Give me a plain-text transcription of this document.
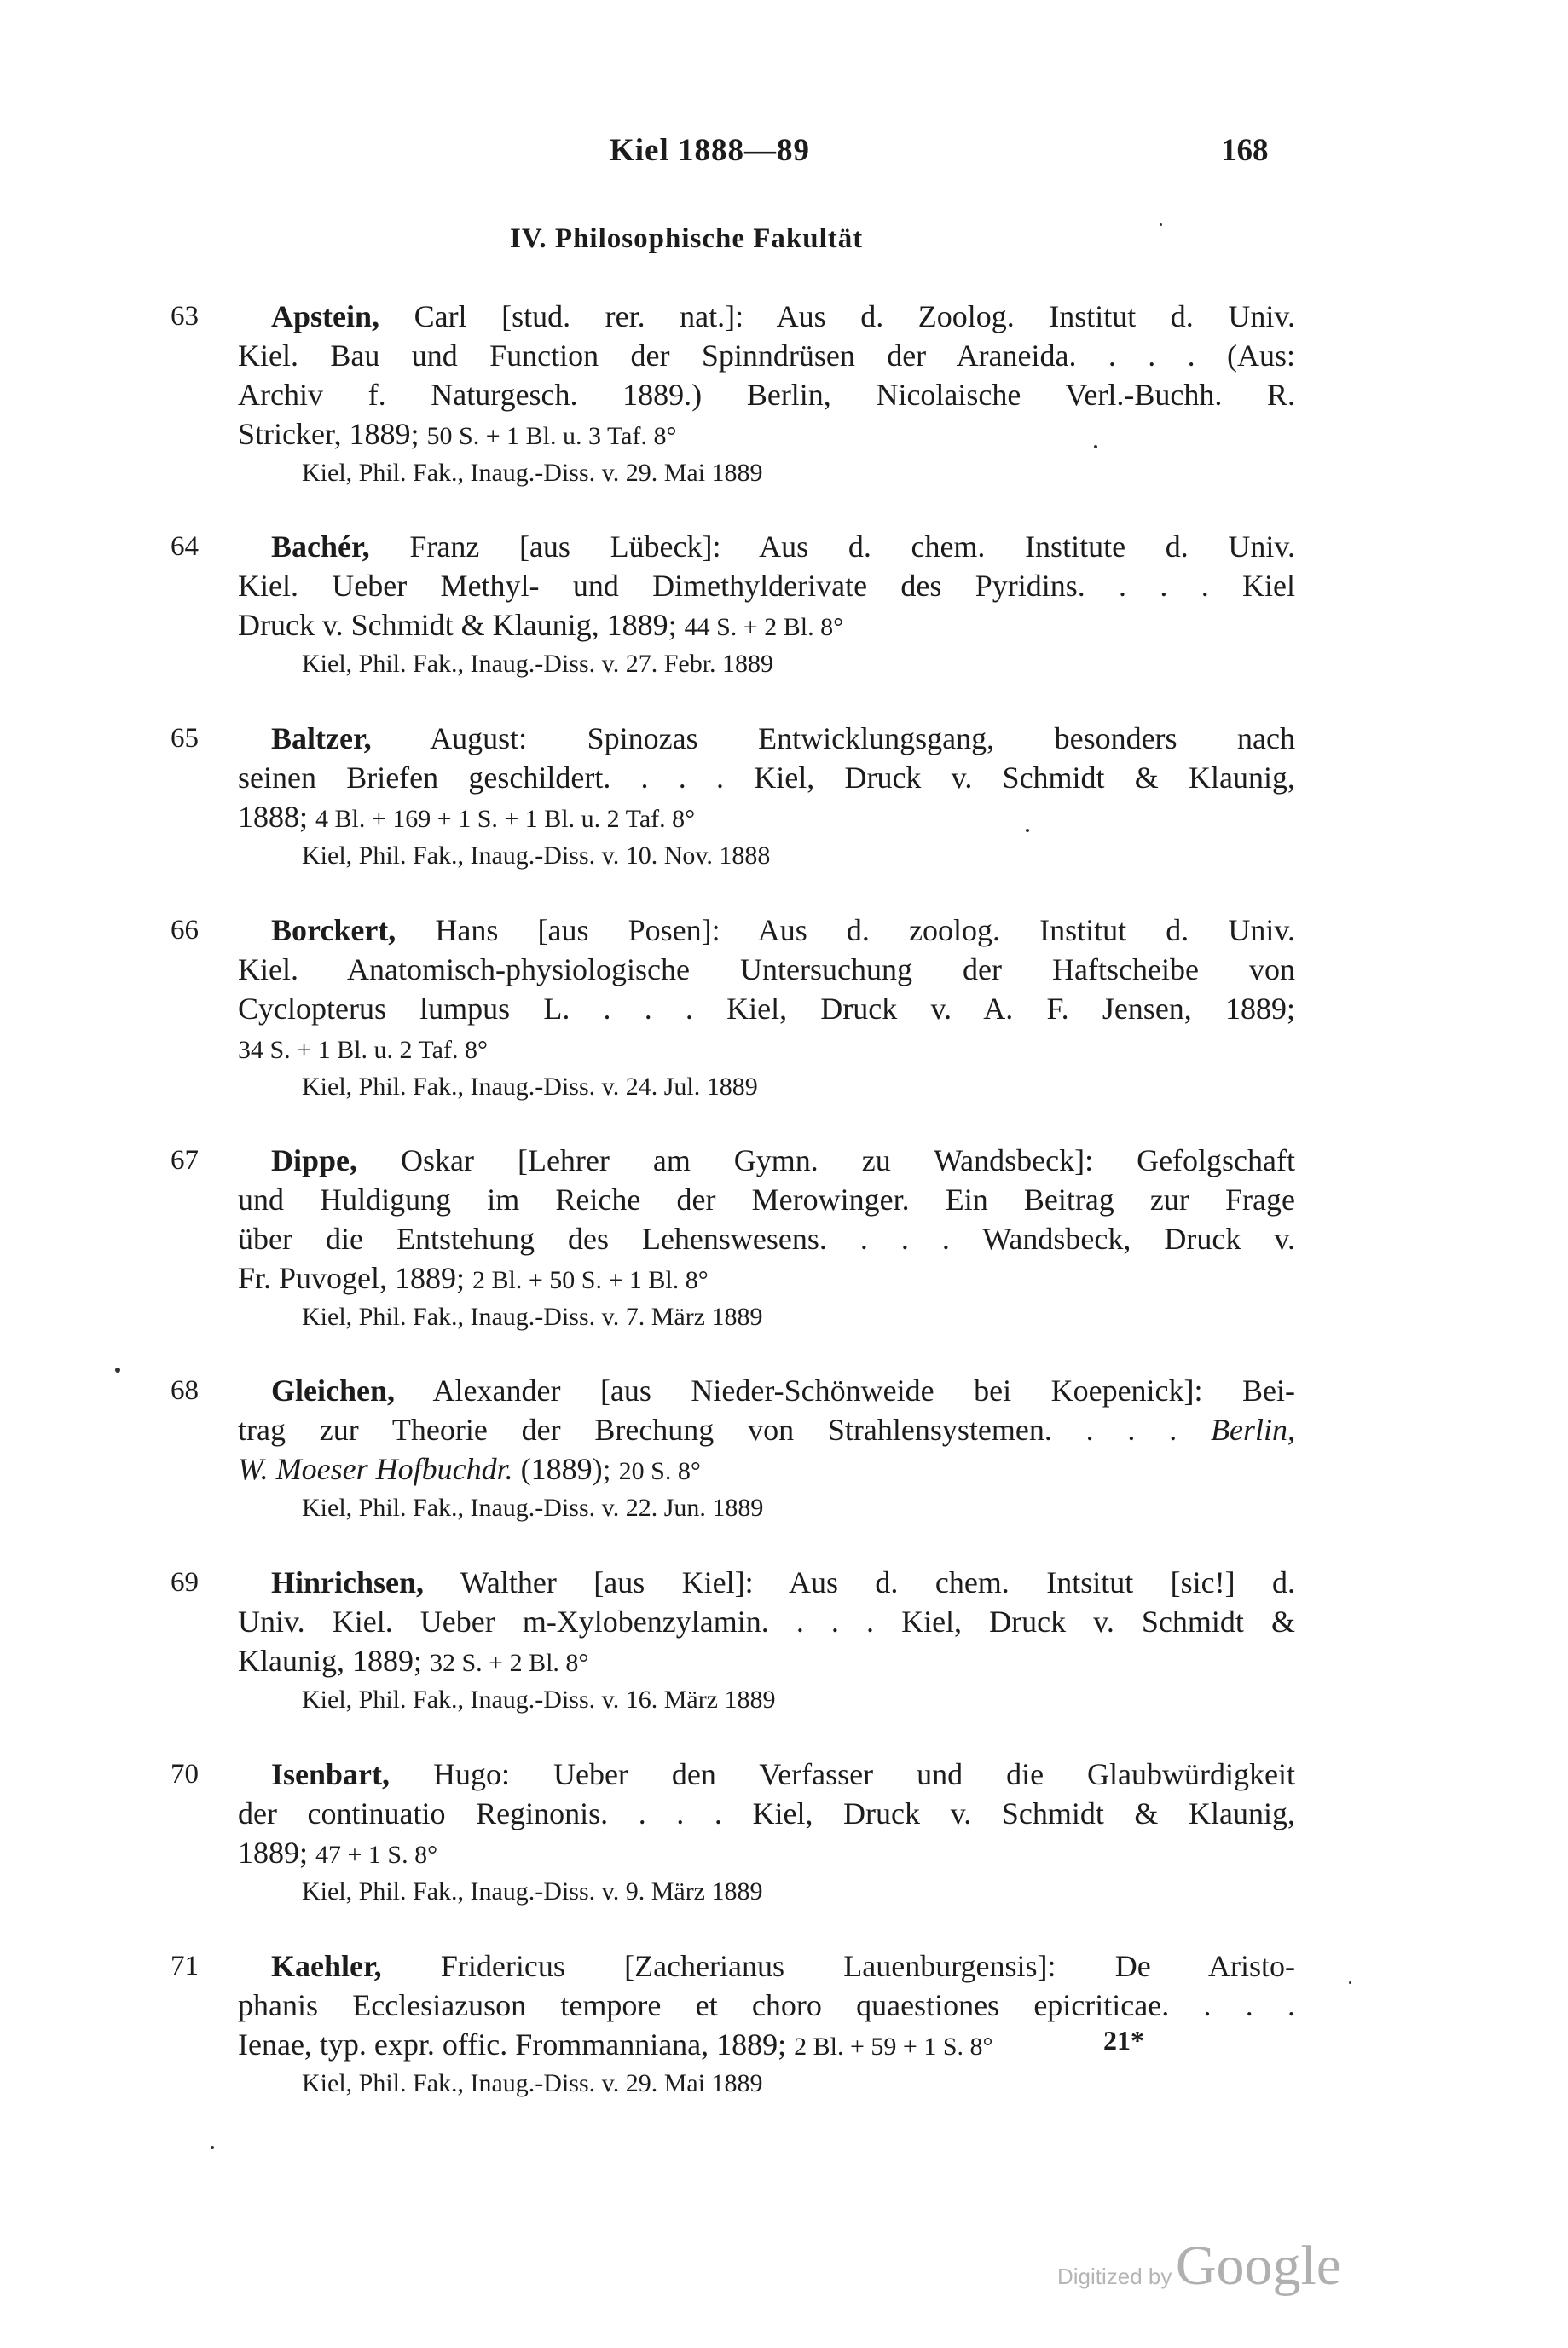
Kiel 1888—89	168
IV. Philosophische Fakultät
63 Apstein, Carl [stud. rer. nat.]: Aus d. Zoolog. Institut d. Univ.
Kiel. Bau und Function der Spinndrüsen der Araneida. . . . (Aus:
Archiv f. Naturgesch. 1889.) Berlin, Nicolaische Verl.-Buchh. R.
Stricker, 1889; 50 S. + 1 Bl. u. 3 Taf. 8°
Kiel, Phil. Fak., Inaug.-Diss. v. 29. Mai 1889
64 Bachér, Franz [aus Lübeck]: Aus d. chem. Institute d. Univ.
Kiel. Ueber Methyl- und Dimethylderivate des Pyridins. . . . Kiel
Druck v. Schmidt & Klaunig, 1889; 44 S. + 2 Bl. 8°
Kiel, Phil. Fak., Inaug.-Diss. v. 27. Febr. 1889
65 Baltzer, August: Spinozas Entwicklungsgang, besonders nach
seinen Briefen geschildert. . . . Kiel, Druck v. Schmidt & Klaunig,
1888; 4 Bl. + 169 + 1 S. + 1 Bl. u. 2 Taf. 8°
Kiel, Phil. Fak., Inaug.-Diss. v. 10. Nov. 1888
66 Borckert, Hans [aus Posen]: Aus d. zoolog. Institut d. Univ.
Kiel. Anatomisch-physiologische Untersuchung der Haftscheibe von
Cyclopterus lumpus L. . . . Kiel, Druck v. A. F. Jensen, 1889;
34 S. + 1 Bl. u. 2 Taf. 8°
Kiel, Phil. Fak., Inaug.-Diss. v. 24. Jul. 1889
67 Dippe, Oskar [Lehrer am Gymn. zu Wandsbeck]: Gefolgschaft
und Huldigung im Reiche der Merowinger. Ein Beitrag zur Frage
über die Entstehung des Lehenswesens. . . . Wandsbeck, Druck v.
Fr. Puvogel, 1889; 2 Bl. + 50 S. + 1 Bl. 8°
Kiel, Phil. Fak., Inaug.-Diss. v. 7. März 1889
68 Gleichen, Alexander [aus Nieder-Schönweide bei Koepenick]: Bei-
trag zur Theorie der Brechung von Strahlensystemen. . . . Berlin,
W. Moeser Hofbuchdr. (1889); 20 S. 8°
Kiel, Phil. Fak., Inaug.-Diss. v. 22. Jun. 1889
69 Hinrichsen, Walther [aus Kiel]: Aus d. chem. Intsitut [sic!] d.
Univ. Kiel. Ueber m-Xylobenzylamin. . . . Kiel, Druck v. Schmidt &
Klaunig, 1889; 32 S. + 2 Bl. 8°
Kiel, Phil. Fak., Inaug.-Diss. v. 16. März 1889
70 Isenbart, Hugo: Ueber den Verfasser und die Glaubwürdigkeit
der continuatio Reginonis. . . . Kiel, Druck v. Schmidt & Klaunig,
1889; 47 + 1 S. 8°
Kiel, Phil. Fak., Inaug.-Diss. v. 9. März 1889
71 Kaehler, Fridericus [Zacherianus Lauenburgensis]: De Aristo-
phanis Ecclesiazuson tempore et choro quaestiones epicriticae. . . .
Ienae, typ. expr. offic. Frommanniana, 1889; 2 Bl. + 59 + 1 S. 8°
Kiel, Phil. Fak., Inaug.-Diss. v. 29. Mai 1889
21*
Digitized by Google
